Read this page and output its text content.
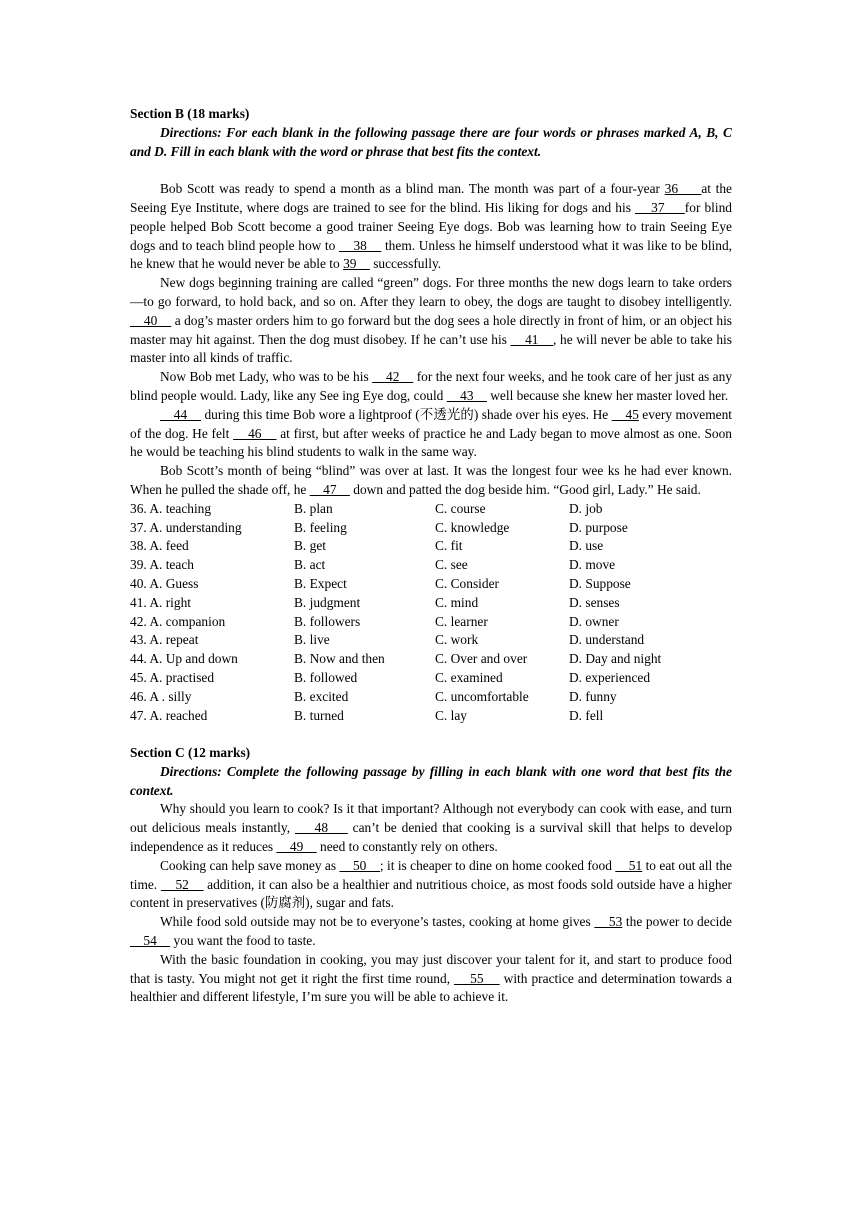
Section B (18 marks)
Directions: For each blank in the following passage there are four words or phrases marked A, B, C and D. Fill in each blank with the word or phrase that best fits the context.
Bob Scott was ready to spend a month as a blind man. The month was part of a four-year 36     at the Seeing Eye Institute, where dogs are trained to see for the blind. His liking for dogs and his     37     for blind people helped Bob Scott become a good trainer Seeing Eye dogs. Bob was learning how to train Seeing Eye dogs and to teach blind people how to     38     them. Unless he himself understood what it was like to be blind, he knew that he would never be able to 39     successfully.
New dogs beginning training are called “green” dogs. For three months the new dogs learn to take orders—to go forward, to hold back, and so on. After they learn to obey, the dogs are taught to disobey intelligently.     40     a dog’s master orders him to go forward but the dog sees a hole directly in front of him, or an object his master may hit against. Then the dog must disobey. If he can’t use his     41    , he will never be able to take his master into all kinds of traffic.
Now Bob met Lady, who was to be his     42     for the next four weeks, and he took care of her just as any blind people would. Lady, like any See ing Eye dog, could     43     well because she knew her master loved her.
44     during this time Bob wore a lightproof (不透光的) shade over his eyes. He     45 every movement of the dog. He felt     46     at first, but after weeks of practice he and Lady began to move almost as one. Soon he would be teaching his blind students to walk in the same way.
Bob Scott’s month of being “blind” was over at last. It was the longest four wee ks he had ever known. When he pulled the shade off, he     47     down and patted the dog beside him. “Good girl, Lady.” He said.
36. A. teaching	B. plan	C. course	D. job
37. A. understanding	B. feeling	C. knowledge	D. purpose
38. A. feed	B. get	C. fit	D. use
39. A. teach	B. act	C. see	D. move
40. A. Guess	B. Expect	C. Consider	D. Suppose
41. A. right	B. judgment	C. mind	D. senses
42. A. companion	B. followers	C. learner	D. owner
43. A. repeat	B. live	C. work	D. understand
44. A. Up and down	B. Now and then	C. Over and over	D. Day and night
45. A. practised	B. followed	C. examined	D. experienced
46. A . silly	B. excited	C. uncomfortable	D. funny
47. A. reached	B. turned	C. lay	D. fell
Section C (12 marks)
Directions: Complete the following passage by filling in each blank with one word that best fits the context.
Why should you learn to cook? Is it that important? Although not everybody can cook with ease, and turn out delicious meals instantly,     48     can’t be denied that cooking is a survival skill that helps to develop independence as it reduces     49     need to constantly rely on others.
Cooking can help save money as     50    ; it is cheaper to dine on home cooked food     51 to eat out all the time.     52     addition, it can also be a healthier and nutritious choice, as most foods sold outside have a higher content in preservatives (防腐剂), sugar and fats.
While food sold outside may not be to everyone’s tastes, cooking at home gives     53 the power to decide     54     you want the food to taste.
With the basic foundation in cooking, you may just discover your talent for it, and start to produce food that is tasty. You might not get it right the first time round,     55     with practice and determination towards a healthier and different lifestyle, I’m sure you will be able to achieve it.
